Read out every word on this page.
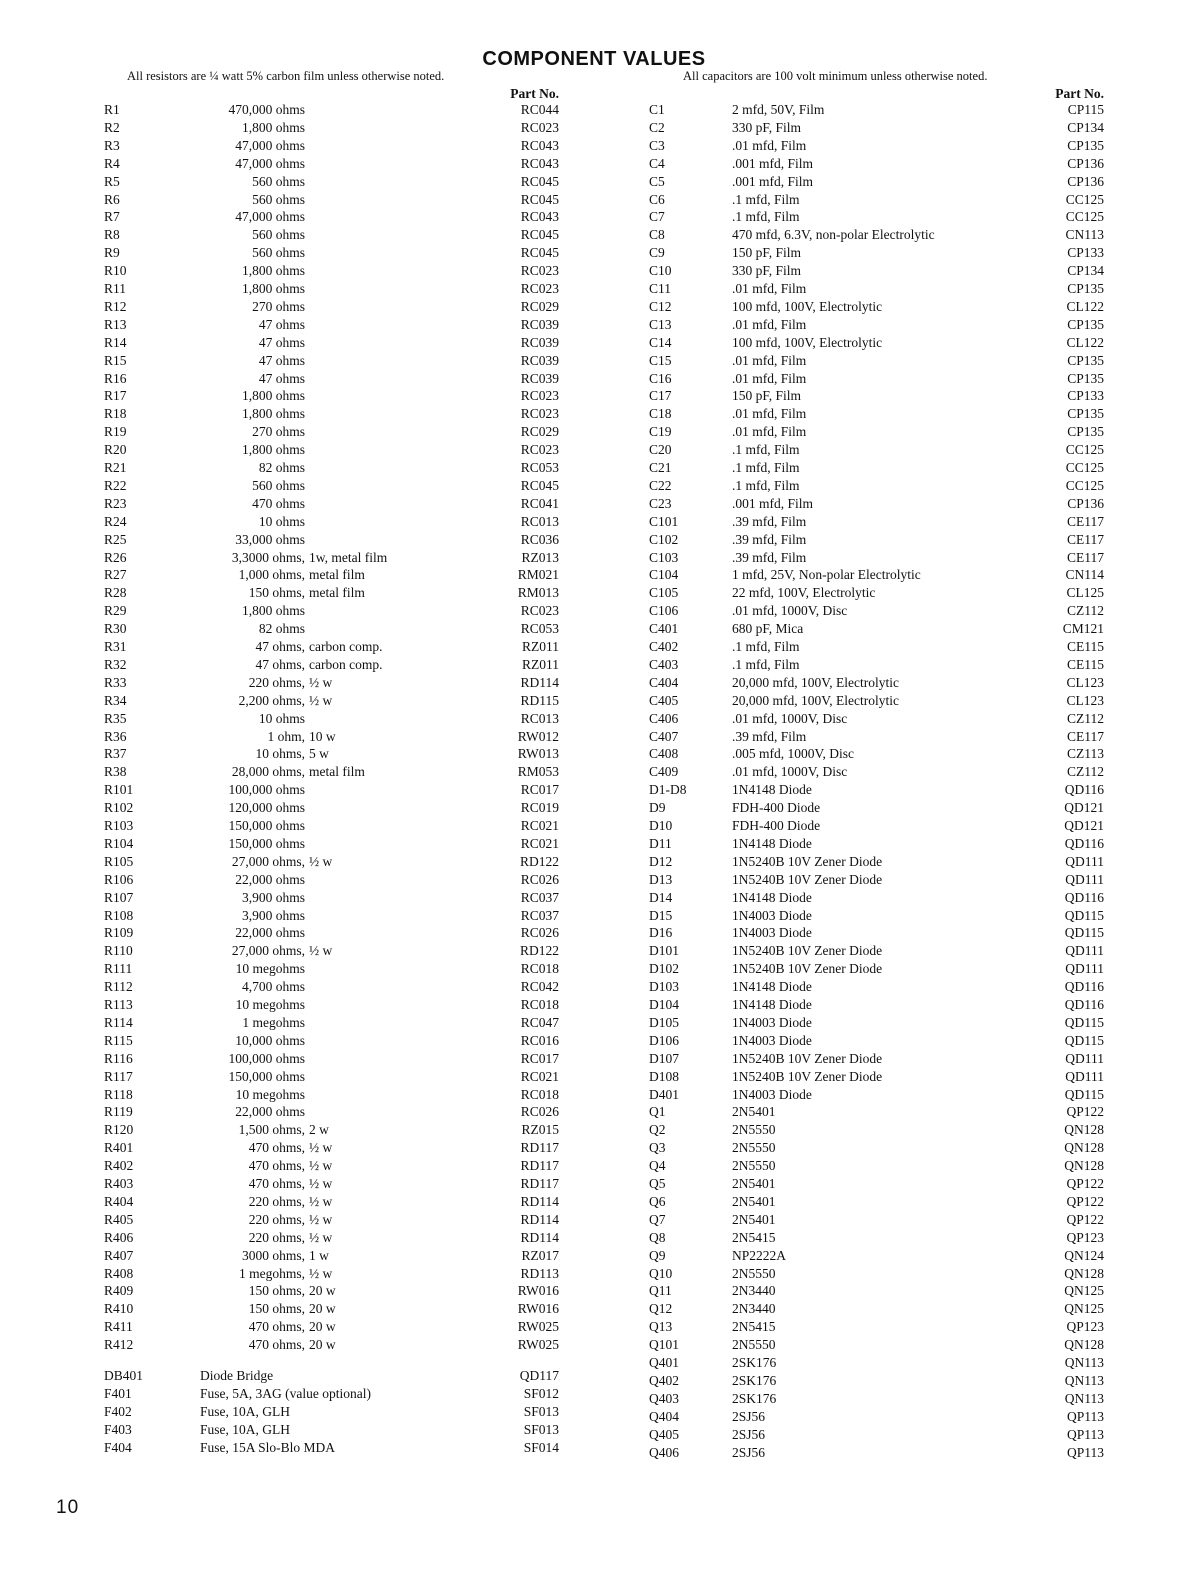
COMPONENT VALUES
All resistors are ¼ watt 5% carbon film unless otherwise noted.	All capacitors are 100 volt minimum unless otherwise noted.
Part No.	Part No.
R1	470,000 ohms	RC044
R2	1,800 ohms	RC023
R3	47,000 ohms	RC043
R4	47,000 ohms	RC043
R5	560 ohms	RC045
R6	560 ohms	RC045
R7	47,000 ohms	RC043
R8	560 ohms	RC045
R9	560 ohms	RC045
R10	1,800 ohms	RC023
R11	1,800 ohms	RC023
R12	270 ohms	RC029
R13	47 ohms	RC039
R14	47 ohms	RC039
R15	47 ohms	RC039
R16	47 ohms	RC039
R17	1,800 ohms	RC023
R18	1,800 ohms	RC023
R19	270 ohms	RC029
R20	1,800 ohms	RC023
R21	82 ohms	RC053
R22	560 ohms	RC045
R23	470 ohms	RC041
R24	10 ohms	RC013
R25	33,000 ohms	RC036
R26	3,3000 ohms, 1w, metal film	RZ013
R27	1,000 ohms, metal film	RM021
R28	150 ohms, metal film	RM013
R29	1,800 ohms	RC023
R30	82 ohms	RC053
R31	47 ohms, carbon comp.	RZ011
R32	47 ohms, carbon comp.	RZ011
R33	220 ohms, ½ w	RD114
R34	2,200 ohms, ½ w	RD115
R35	10 ohms	RC013
R36	1 ohm, 10 w	RW012
R37	10 ohms, 5 w	RW013
R38	28,000 ohms, metal film	RM053
R101	100,000 ohms	RC017
R102	120,000 ohms	RC019
R103	150,000 ohms	RC021
R104	150,000 ohms	RC021
R105	27,000 ohms, ½ w	RD122
R106	22,000 ohms	RC026
R107	3,900 ohms	RC037
R108	3,900 ohms	RC037
R109	22,000 ohms	RC026
R110	27,000 ohms, ½ w	RD122
R111	10 megohms	RC018
R112	4,700 ohms	RC042
R113	10 megohms	RC018
R114	1 megohms	RC047
R115	10,000 ohms	RC016
R116	100,000 ohms	RC017
R117	150,000 ohms	RC021
R118	10 megohms	RC018
R119	22,000 ohms	RC026
R120	1,500 ohms, 2 w	RZ015
R401	470 ohms, ½ w	RD117
R402	470 ohms, ½ w	RD117
R403	470 ohms, ½ w	RD117
R404	220 ohms, ½ w	RD114
R405	220 ohms, ½ w	RD114
R406	220 ohms, ½ w	RD114
R407	3000 ohms, 1 w	RZ017
R408	1 megohms, ½ w	RD113
R409	150 ohms, 20 w	RW016
R410	150 ohms, 20 w	RW016
R411	470 ohms, 20 w	RW025
R412	470 ohms, 20 w	RW025
DB401	Diode Bridge	QD117
F401	Fuse, 5A, 3AG (value optional)	SF012
F402	Fuse, 10A, GLH	SF013
F403	Fuse, 10A, GLH	SF013
F404	Fuse, 15A Slo-Blo MDA	SF014
C1	2 mfd, 50V, Film	CP115
C2	330 pF, Film	CP134
C3	.01 mfd, Film	CP135
C4	.001 mfd, Film	CP136
C5	.001 mfd, Film	CP136
C6	.1 mfd, Film	CC125
C7	.1 mfd, Film	CC125
C8	470 mfd, 6.3V, non-polar Electrolytic	CN113
C9	150 pF, Film	CP133
C10	330 pF, Film	CP134
C11	.01 mfd, Film	CP135
C12	100 mfd, 100V, Electrolytic	CL122
C13	.01 mfd, Film	CP135
C14	100 mfd, 100V, Electrolytic	CL122
C15	.01 mfd, Film	CP135
C16	.01 mfd, Film	CP135
C17	150 pF, Film	CP133
C18	.01 mfd, Film	CP135
C19	.01 mfd, Film	CP135
C20	.1 mfd, Film	CC125
C21	.1 mfd, Film	CC125
C22	.1 mfd, Film	CC125
C23	.001 mfd, Film	CP136
C101	.39 mfd, Film	CE117
C102	.39 mfd, Film	CE117
C103	.39 mfd, Film	CE117
C104	1 mfd, 25V, Non-polar Electrolytic	CN114
C105	22 mfd, 100V, Electrolytic	CL125
C106	.01 mfd, 1000V, Disc	CZ112
C401	680 pF, Mica	CM121
C402	.1 mfd, Film	CE115
C403	.1 mfd, Film	CE115
C404	20,000 mfd, 100V, Electrolytic	CL123
C405	20,000 mfd, 100V, Electrolytic	CL123
C406	.01 mfd, 1000V, Disc	CZ112
C407	.39 mfd, Film	CE117
C408	.005 mfd, 1000V, Disc	CZ113
C409	.01 mfd, 1000V, Disc	CZ112
D1-D8	1N4148 Diode	QD116
D9	FDH-400 Diode	QD121
D10	FDH-400 Diode	QD121
D11	1N4148 Diode	QD116
D12	1N5240B 10V Zener Diode	QD111
D13	1N5240B 10V Zener Diode	QD111
D14	1N4148 Diode	QD116
D15	1N4003 Diode	QD115
D16	1N4003 Diode	QD115
D101	1N5240B 10V Zener Diode	QD111
D102	1N5240B 10V Zener Diode	QD111
D103	1N4148 Diode	QD116
D104	1N4148 Diode	QD116
D105	1N4003 Diode	QD115
D106	1N4003 Diode	QD115
D107	1N5240B 10V Zener Diode	QD111
D108	1N5240B 10V Zener Diode	QD111
D401	1N4003 Diode	QD115
Q1	2N5401	QP122
Q2	2N5550	QN128
Q3	2N5550	QN128
Q4	2N5550	QN128
Q5	2N5401	QP122
Q6	2N5401	QP122
Q7	2N5401	QP122
Q8	2N5415	QP123
Q9	NP2222A	QN124
Q10	2N5550	QN128
Q11	2N3440	QN125
Q12	2N3440	QN125
Q13	2N5415	QP123
Q101	2N5550	QN128
Q401	2SK176	QN113
Q402	2SK176	QN113
Q403	2SK176	QN113
Q404	2SJ56	QP113
Q405	2SJ56	QP113
Q406	2SJ56	QP113
10
